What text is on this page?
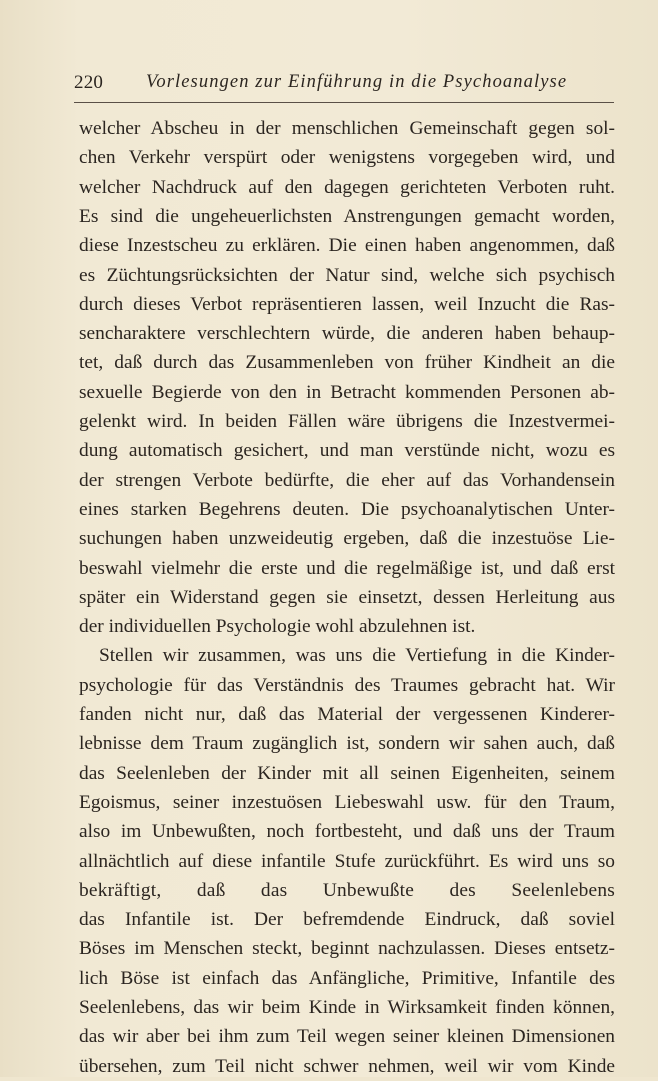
220 Vorlesungen zur Einführung in die Psychoanalyse
welcher Abscheu in der menschlichen Gemeinschaft gegen sol-
chen Verkehr verspürt oder wenigstens vorgegeben wird, und
welcher Nachdruck auf den dagegen gerichteten Verboten ruht.
Es sind die ungeheuerlichsten Anstrengungen gemacht worden,
diese Inzestscheu zu erklären. Die einen haben angenommen, daß
es Züchtungsrücksichten der Natur sind, welche sich psychisch
durch dieses Verbot repräsentieren lassen, weil Inzucht die Ras-
sencharaktere verschlechtern würde, die anderen haben behaup-
tet, daß durch das Zusammenleben von früher Kindheit an die
sexuelle Begierde von den in Betracht kommenden Personen ab-
gelenkt wird. In beiden Fällen wäre übrigens die Inzestvermei-
dung automatisch gesichert, und man verstünde nicht, wozu es
der strengen Verbote bedürfte, die eher auf das Vorhandensein
eines starken Begehrens deuten. Die psychoanalytischen Unter-
suchungen haben unzweideutig ergeben, daß die inzestuöse Lie-
beswahl vielmehr die erste und die regelmäßige ist, und daß erst
später ein Widerstand gegen sie einsetzt, dessen Herleitung aus
der individuellen Psychologie wohl abzulehnen ist.
Stellen wir zusammen, was uns die Vertiefung in die Kinder-
psychologie für das Verständnis des Traumes gebracht hat. Wir
fanden nicht nur, daß das Material der vergessenen Kinderer-
lebnisse dem Traum zugänglich ist, sondern wir sahen auch, daß
das Seelenleben der Kinder mit all seinen Eigenheiten, seinem
Egoismus, seiner inzestuösen Liebeswahl usw. für den Traum,
also im Unbewußten, noch fortbesteht, und daß uns der Traum
allnächtlich auf diese infantile Stufe zurückführt. Es wird uns so
bekräftigt, daß das Unbewußte des Seelenlebens
das Infantile ist. Der befremdende Eindruck, daß soviel
Böses im Menschen steckt, beginnt nachzulassen. Dieses entsetz-
lich Böse ist einfach das Anfängliche, Primitive, Infantile des
Seelenlebens, das wir beim Kinde in Wirksamkeit finden können,
das wir aber bei ihm zum Teil wegen seiner kleinen Dimensionen
übersehen, zum Teil nicht schwer nehmen, weil wir vom Kinde
